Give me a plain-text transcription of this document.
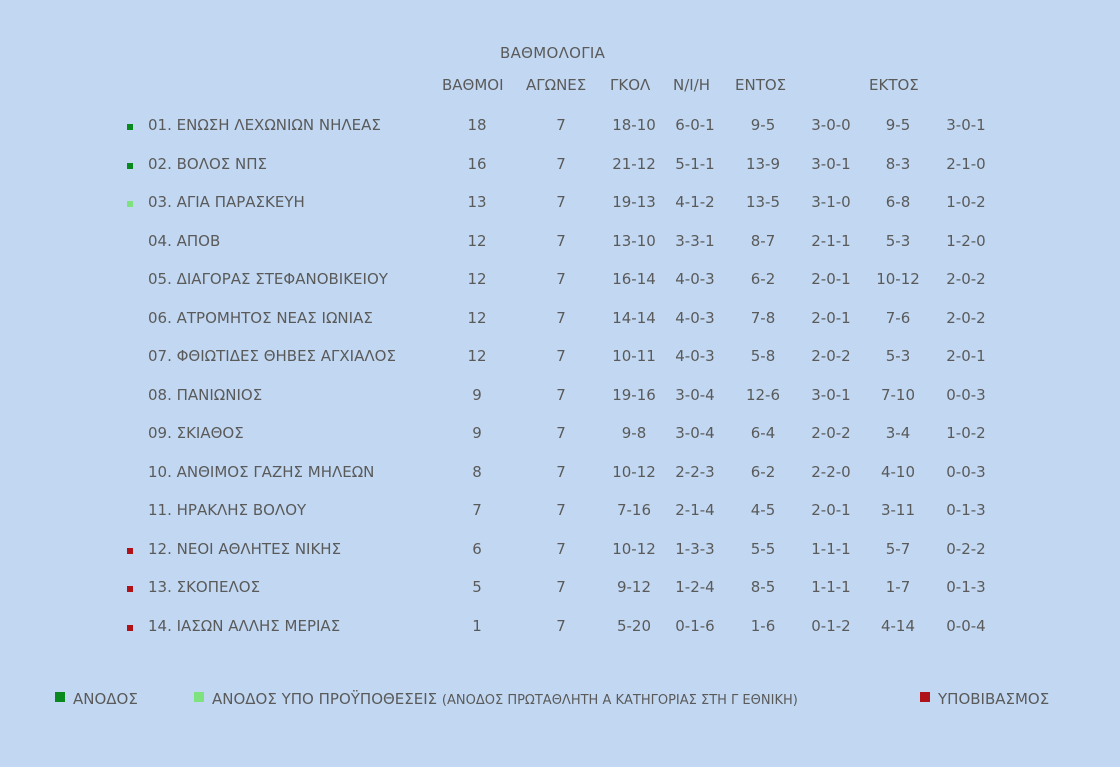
ΒΑΘΜΟΛΟΓΙΑ
ΒΑΘΜΟΙ ΑΓΩΝΕΣ ΓΚΟΛ Ν/Ι/Η ΕΝΤΟΣ	ΕΚΤΟΣ
01. ΕΝΩΣΗ ΛΕΧΩΝΙΩΝ ΝΗΛΕΑΣ	18	7	18-10	6-0-1	9-5	3-0-0	9-5	3-0-1
02. ΒΟΛΟΣ ΝΠΣ	16	7	21-12	5-1-1	13-9	3-0-1	8-3	2-1-0
03. ΑΓΙΑ ΠΑΡΑΣΚΕΥΗ	13	7	19-13	4-1-2	13-5	3-1-0	6-8	1-0-2
04. ΑΠΟΒ	12	7	13-10	3-3-1	8-7	2-1-1	5-3	1-2-0
05. ΔΙΑΓΟΡΑΣ ΣΤΕΦΑΝΟΒΙΚΕΙΟΥ	12	7	16-14	4-0-3	6-2	2-0-1	10-12	2-0-2
06. ΑΤΡΟΜΗΤΟΣ ΝΕΑΣ ΙΩΝΙΑΣ	12	7	14-14	4-0-3	7-8	2-0-1	7-6	2-0-2
07. ΦΘΙΩΤΙΔΕΣ ΘΗΒΕΣ ΑΓΧΙΑΛΟΣ	12	7	10-11	4-0-3	5-8	2-0-2	5-3	2-0-1
08. ΠΑΝΙΩΝΙΟΣ	9	7	19-16	3-0-4	12-6	3-0-1	7-10	0-0-3
09. ΣΚΙΑΘΟΣ	9	7	9-8	3-0-4	6-4	2-0-2	3-4	1-0-2
10. ΑΝΘΙΜΟΣ ΓΑΖΗΣ ΜΗΛΕΩΝ	8	7	10-12	2-2-3	6-2	2-2-0	4-10	0-0-3
11. ΗΡΑΚΛΗΣ ΒΟΛΟΥ	7	7	7-16	2-1-4	4-5	2-0-1	3-11	0-1-3
12. ΝΕΟΙ ΑΘΛΗΤΕΣ ΝΙΚΗΣ	6	7	10-12	1-3-3	5-5	1-1-1	5-7	0-2-2
13. ΣΚΟΠΕΛΟΣ	5	7	9-12	1-2-4	8-5	1-1-1	1-7	0-1-3
14. ΙΑΣΩΝ ΑΛΛΗΣ ΜΕΡΙΑΣ	1	7	5-20	0-1-6	1-6	0-1-2	4-14	0-0-4
ΑΝΟΔΟΣ	ΑΝΟΔΟΣ ΥΠΟ ΠΡΟΫΠΟΘΕΣΕΙΣ (ΑΝΟΔΟΣ ΠΡΩΤΑΘΛΗΤΗ Α ΚΑΤΗΓΟΡΙΑΣ ΣΤΗ Γ ΕΘΝΙΚΗ)	ΥΠΟΒΙΒΑΣΜΟΣ
